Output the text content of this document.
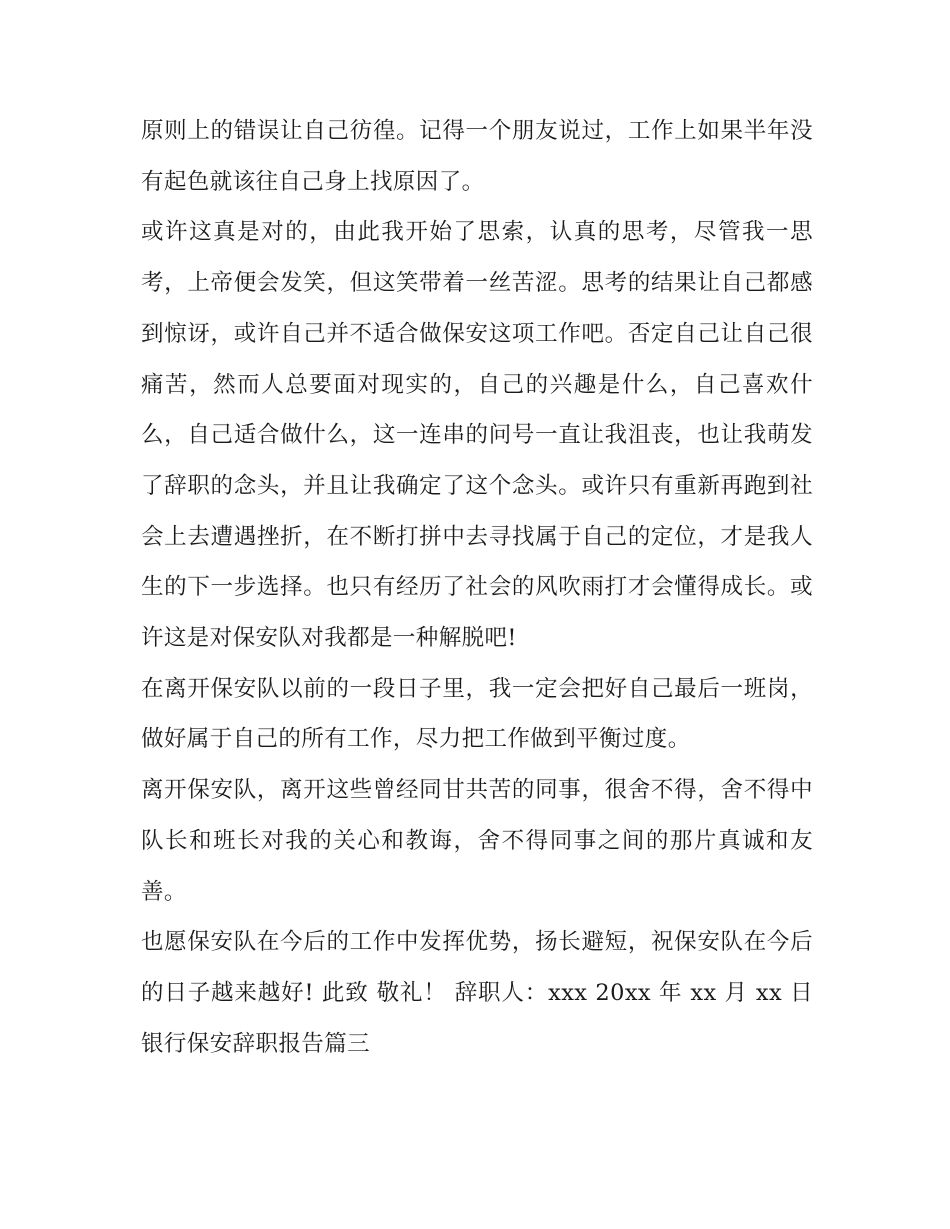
原则上的错误让自己彷徨。记得一个朋友说过，工作上如果半年没有起色就该往自己身上找原因了。

或许这真是对的，由此我开始了思索，认真的思考，尽管我一思考，上帝便会发笑，但这笑带着一丝苦涩。思考的结果让自己都感到惊讶，或许自己并不适合做保安这项工作吧。否定自己让自己很痛苦，然而人总要面对现实的，自己的兴趣是什么，自己喜欢什么，自己适合做什么，这一连串的问号一直让我沮丧，也让我萌发了辞职的念头，并且让我确定了这个念头。或许只有重新再跑到社会上去遭遇挫折，在不断打拼中去寻找属于自己的定位，才是我人生的下一步选择。也只有经历了社会的风吹雨打才会懂得成长。或许这是对保安队对我都是一种解脱吧!

在离开保安队以前的一段日子里，我一定会把好自己最后一班岗，做好属于自己的所有工作，尽力把工作做到平衡过度。

离开保安队，离开这些曾经同甘共苦的同事，很舍不得，舍不得中队长和班长对我的关心和教诲，舍不得同事之间的那片真诚和友善。

也愿保安队在今后的工作中发挥优势，扬长避短，祝保安队在今后的日子越来越好! 此致 敬礼！ 辞职人：xxx 20xx 年 xx 月 xx 日 银行保安辞职报告篇三
